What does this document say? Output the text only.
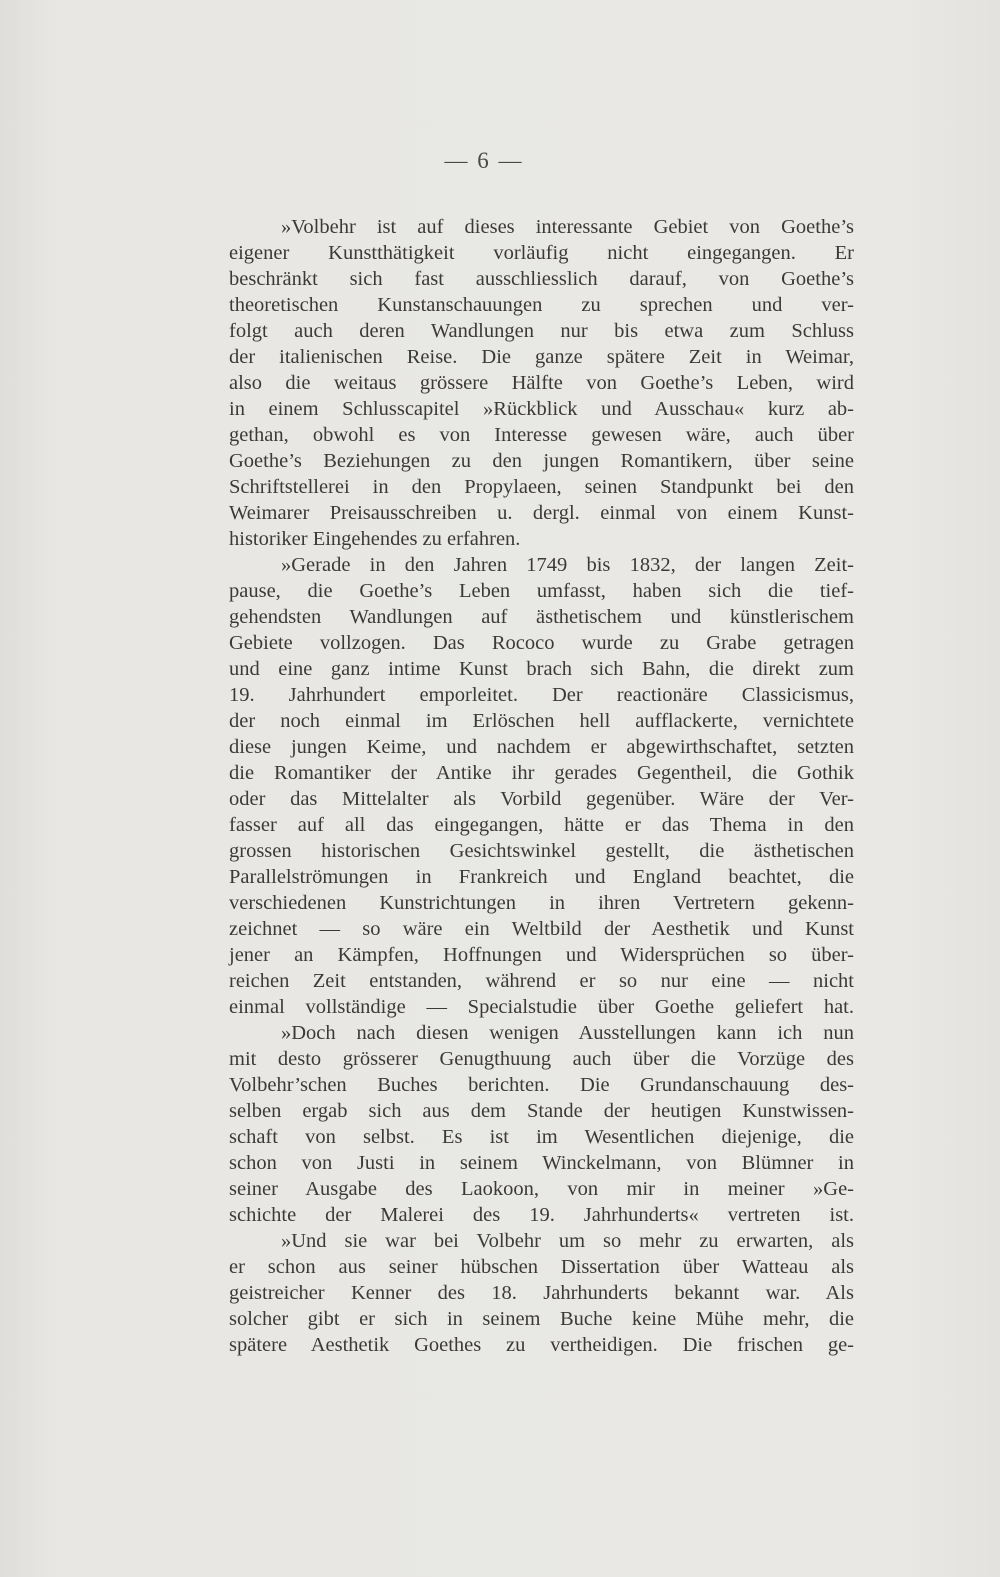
— 6 —
»Volbehr ist auf dieses interessante Gebiet von Goethe’s
eigener Kunstthätigkeit vorläufig nicht eingegangen. Er
beschränkt sich fast ausschliesslich darauf, von Goethe’s
theoretischen Kunstanschauungen zu sprechen und ver-
folgt auch deren Wandlungen nur bis etwa zum Schluss
der italienischen Reise. Die ganze spätere Zeit in Weimar,
also die weitaus grössere Hälfte von Goethe’s Leben, wird
in einem Schlusscapitel »Rückblick und Ausschau« kurz ab-
gethan, obwohl es von Interesse gewesen wäre, auch über
Goethe’s Beziehungen zu den jungen Romantikern, über seine
Schriftstellerei in den Propylaeen, seinen Standpunkt bei den
Weimarer Preisausschreiben u. dergl. einmal von einem Kunst-
historiker Eingehendes zu erfahren.
»Gerade in den Jahren 1749 bis 1832, der langen Zeit-
pause, die Goethe’s Leben umfasst, haben sich die tief-
gehendsten Wandlungen auf ästhetischem und künstlerischem
Gebiete vollzogen. Das Rococo wurde zu Grabe getragen
und eine ganz intime Kunst brach sich Bahn, die direkt zum
19. Jahrhundert emporleitet. Der reactionäre Classicismus,
der noch einmal im Erlöschen hell aufflackerte, vernichtete
diese jungen Keime, und nachdem er abgewirthschaftet, setzten
die Romantiker der Antike ihr gerades Gegentheil, die Gothik
oder das Mittelalter als Vorbild gegenüber. Wäre der Ver-
fasser auf all das eingegangen, hätte er das Thema in den
grossen historischen Gesichtswinkel gestellt, die ästhetischen
Parallelströmungen in Frankreich und England beachtet, die
verschiedenen Kunstrichtungen in ihren Vertretern gekenn-
zeichnet — so wäre ein Weltbild der Aesthetik und Kunst
jener an Kämpfen, Hoffnungen und Widersprüchen so über-
reichen Zeit entstanden, während er so nur eine — nicht
einmal vollständige — Specialstudie über Goethe geliefert hat.
»Doch nach diesen wenigen Ausstellungen kann ich nun
mit desto grösserer Genugthuung auch über die Vorzüge des
Volbehr’schen Buches berichten. Die Grundanschauung des-
selben ergab sich aus dem Stande der heutigen Kunstwissen-
schaft von selbst. Es ist im Wesentlichen diejenige, die
schon von Justi in seinem Winckelmann, von Blümner in
seiner Ausgabe des Laokoon, von mir in meiner »Ge-
schichte der Malerei des 19. Jahrhunderts« vertreten ist.
»Und sie war bei Volbehr um so mehr zu erwarten, als
er schon aus seiner hübschen Dissertation über Watteau als
geistreicher Kenner des 18. Jahrhunderts bekannt war. Als
solcher gibt er sich in seinem Buche keine Mühe mehr, die
spätere Aesthetik Goethes zu vertheidigen. Die frischen ge-
